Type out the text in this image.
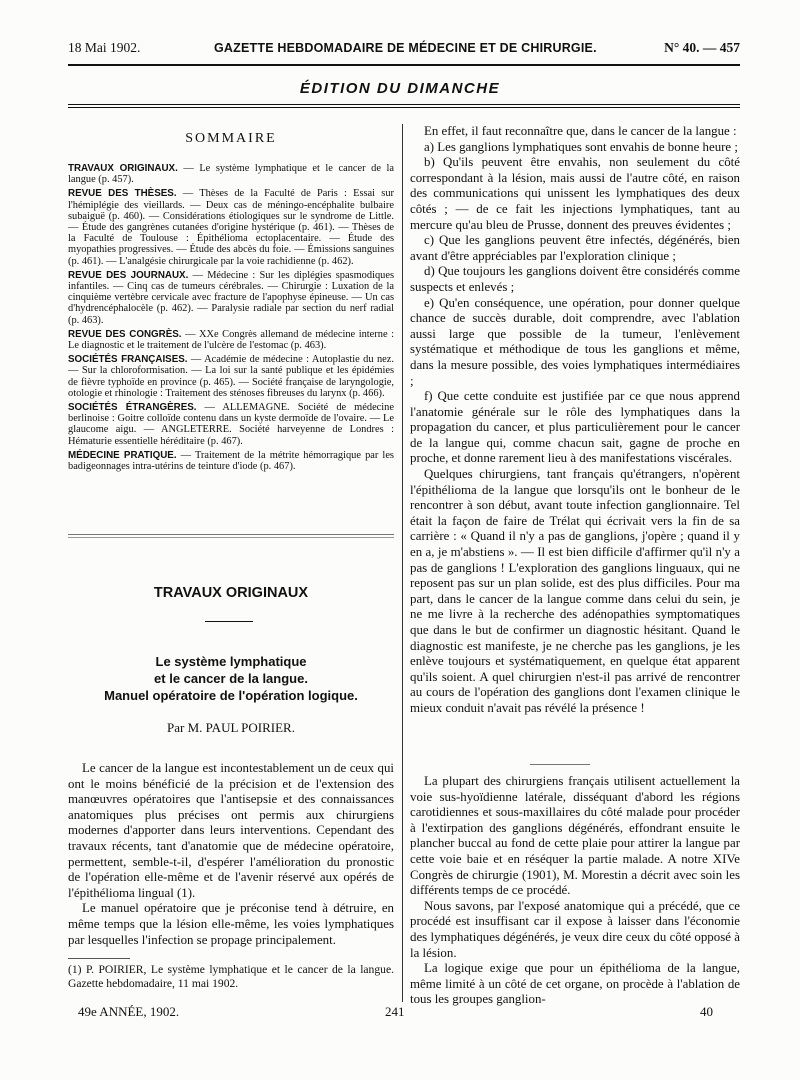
18 Mai 1902.	GAZETTE HEBDOMADAIRE DE MÉDECINE ET DE CHIRURGIE.	N° 40. — 457
ÉDITION DU DIMANCHE
SOMMAIRE

TRAVAUX ORIGINAUX. — Le système lymphatique et le cancer de la langue (p. 457).

REVUE DES THÈSES. — Thèses de la Faculté de Paris : Essai sur l'hémiplégie des vieillards. — Deux cas de méningo-encéphalite bulbaire subaiguë (p. 460). — Considérations étiologiques sur le syndrome de Little. — Étude des gangrènes cutanées d'origine hystérique (p. 461). — Thèses de la Faculté de Toulouse : Épithélioma ectoplacentaire. — Étude des myopathies progressives. — Étude des abcès du foie. — Émissions sanguines (p. 461). — L'analgésie chirurgicale par la voie rachidienne (p. 462).

REVUE DES JOURNAUX. — Médecine : Sur les diplégies spasmodiques infantiles. — Cinq cas de tumeurs cérébrales. — Chirurgie : Luxation de la cinquième vertèbre cervicale avec fracture de l'apophyse épineuse. — Un cas d'hydrencéphalocèle (p. 462). — Paralysie radiale par section du nerf radial (p. 463).

REVUE DES CONGRÈS. — XXe Congrès allemand de médecine interne : Le diagnostic et le traitement de l'ulcère de l'estomac (p. 463).

SOCIÉTÉS FRANÇAISES. — Académie de médecine : Autoplastie du nez. — Sur la chloroformisation. — La loi sur la santé publique et les épidémies de fièvre typhoïde en province (p. 465). — Société française de laryngologie, otologie et rhinologie : Traitement des sténoses fibreuses du larynx (p. 466).

SOCIÉTÉS ÉTRANGÈRES. — ALLEMAGNE. Société de médecine berlinoise : Goitre colloïde contenu dans un kyste dermoïde de l'ovaire. — Le glaucome aigu. — ANGLETERRE. Société harveyenne de Londres : Hématurie essentielle héréditaire (p. 467).

MÉDECINE PRATIQUE. — Traitement de la métrite hémorragique par les badigeonnages intra-utérins de teinture d'iode (p. 467).

TRAVAUX ORIGINAUX
Le système lymphatique
et le cancer de la langue.
Manuel opératoire de l'opération logique.
Par M. PAUL POIRIER.

Le cancer de la langue est incontestablement un de ceux qui ont le moins bénéficié de la précision et de l'extension des manœuvres opératoires que l'antisepsie et des connaissances anatomiques plus précises ont permis aux chirurgiens modernes d'apporter dans leurs interventions. Cependant des travaux récents, tant d'anatomie que de médecine opératoire, permettent, semble-t-il, d'espérer l'amélioration du pronostic de l'opération elle-même et de l'avenir réservé aux opérés de l'épithélioma lingual (1).

Le manuel opératoire que je préconise tend à détruire, en même temps que la lésion elle-même, les voies lymphatiques par lesquelles l'infection se propage principalement.

(1) P. POIRIER, Le système lymphatique et le cancer de la langue. Gazette hebdomadaire, 11 mai 1902.

En effet, il faut reconnaître que, dans le cancer de la langue :

a) Les ganglions lymphatiques sont envahis de bonne heure ;

b) Qu'ils peuvent être envahis, non seulement du côté correspondant à la lésion, mais aussi de l'autre côté, en raison des communications qui unissent les lymphatiques des deux côtés ; — de ce fait les injections lymphatiques, tant au mercure qu'au bleu de Prusse, donnent des preuves évidentes ;

c) Que les ganglions peuvent être infectés, dégénérés, bien avant d'être appréciables par l'exploration clinique ;

d) Que toujours les ganglions doivent être considérés comme suspects et enlevés ;

e) Qu'en conséquence, une opération, pour donner quelque chance de succès durable, doit comprendre, avec l'ablation aussi large que possible de la tumeur, l'enlèvement systématique et méthodique de tous les ganglions et même, dans la mesure possible, des voies lymphatiques intermédiaires ;

f) Que cette conduite est justifiée par ce que nous apprend l'anatomie générale sur le rôle des lymphatiques dans la propagation du cancer, et plus particulièrement pour le cancer de la langue qui, comme chacun sait, gagne de proche en proche, et donne rarement lieu à des manifestations viscérales.

Quelques chirurgiens, tant français qu'étrangers, n'opèrent l'épithélioma de la langue que lorsqu'ils ont le bonheur de le rencontrer à son début, avant toute infection ganglionnaire. Tel était la façon de faire de Trélat qui écrivait vers la fin de sa carrière : « Quand il n'y a pas de ganglions, j'opère ; quand il y en a, je m'abstiens ». — Il est bien difficile d'affirmer qu'il n'y a pas de ganglions ! L'exploration des ganglions linguaux, qui ne reposent pas sur un plan solide, est des plus difficiles. Pour ma part, dans le cancer de la langue comme dans celui du sein, je ne me livre à la recherche des adénopathies symptomatiques que dans le but de confirmer un diagnostic hésitant. Quand le diagnostic est manifeste, je ne cherche pas les ganglions, je les enlève toujours et systématiquement, en quelque état apparent qu'ils soient. A quel chirurgien n'est-il pas arrivé de rencontrer au cours de l'opération des ganglions dont l'examen clinique le mieux conduit n'avait pas révélé la présence !

La plupart des chirurgiens français utilisent actuellement la voie sus-hyoïdienne latérale, disséquant d'abord les régions carotidiennes et sous-maxillaires du côté malade pour procéder à l'extirpation des ganglions dégénérés, effondrant ensuite le plancher buccal au fond de cette plaie pour attirer la langue par cette voie baie et en réséquer la partie malade. A notre XIVe Congrès de chirurgie (1901), M. Morestin a décrit avec soin les différents temps de ce procédé.

Nous savons, par l'exposé anatomique qui a précédé, que ce procédé est insuffisant car il expose à laisser dans l'économie des lymphatiques dégénérés, je veux dire ceux du côté opposé à la lésion.

La logique exige que pour un épithélioma de la langue, même limité à un côté de cet organe, on procède à l'ablation de tous les groupes ganglion-

49e ANNÉE, 1902.	241	40
